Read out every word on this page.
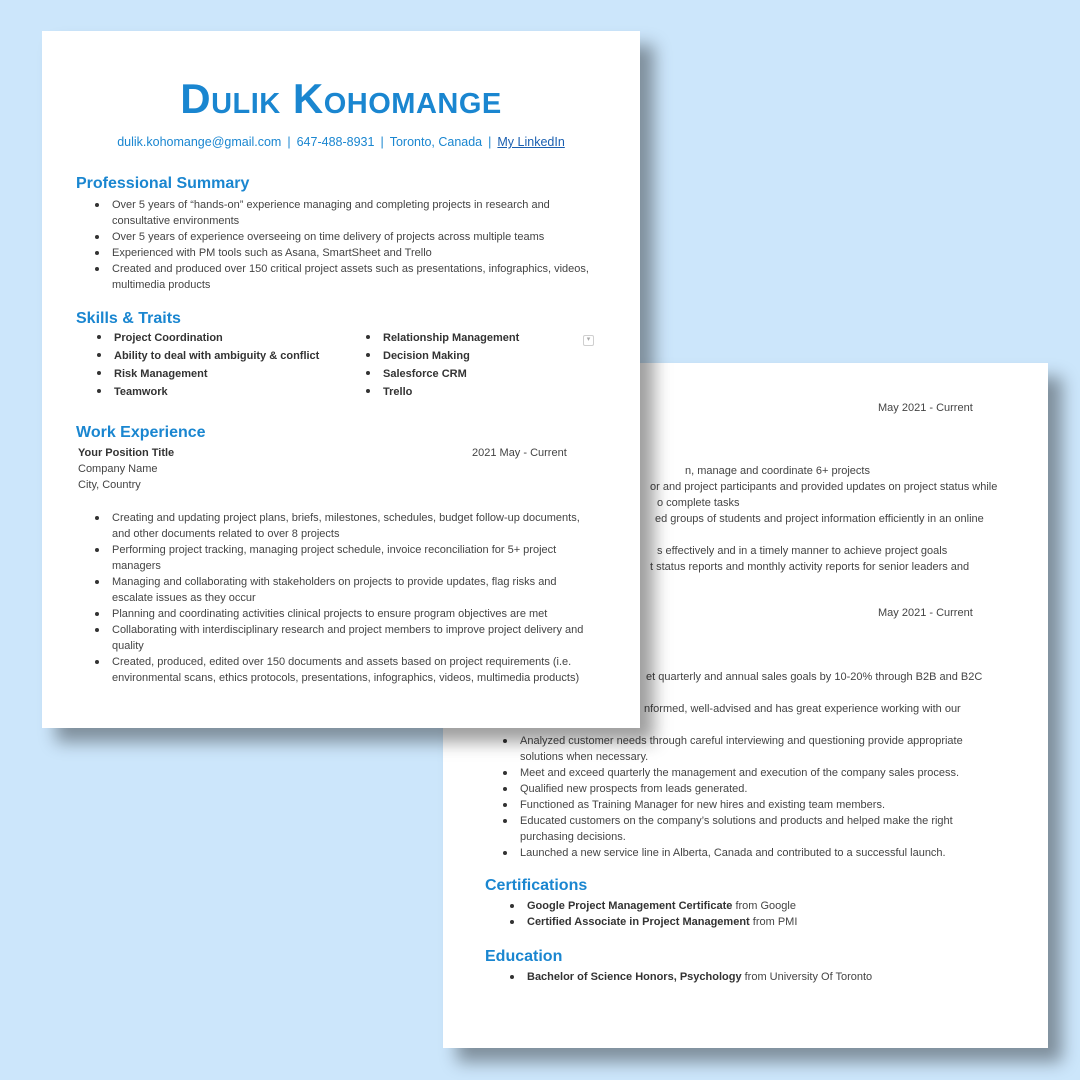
May 2021 - Current
n, manage and coordinate 6+ projects
or and project participants and provided updates on project status while
o complete tasks
ed groups of students and project information efficiently in an online
s effectively and in a timely manner to achieve project goals
t status reports and monthly activity reports for senior leaders and
May 2021 - Current
et quarterly and annual sales goals by 10-20% through B2B and B2C
nformed, well-advised and has great experience working with our
Analyzed customer needs through careful interviewing and questioning provide appropriate
solutions when necessary.
Meet and exceed quarterly the management and execution of the company sales process.
Qualified new prospects from leads generated.
Functioned as Training Manager for new hires and existing team members.
Educated customers on the company’s solutions and products and helped make the right
purchasing decisions.
Launched a new service line in Alberta, Canada and contributed to a successful launch.
Certifications
Google Project Management Certificate from Google
Certified Associate in Project Management from PMI
Education
Bachelor of Science Honors, Psychology from University Of Toronto
Dulik Kohomange
dulik.kohomange@gmail.com | 647-488-8931 | Toronto, Canada | My LinkedIn
Professional Summary
Over 5 years of “hands-on” experience managing and completing projects in research and
consultative environments
Over 5 years of experience overseeing on time delivery of projects across multiple teams
Experienced with PM tools such as Asana, SmartSheet and Trello
Created and produced over 150 critical project assets such as presentations, infographics, videos,
multimedia products
Skills & Traits
Project Coordination
Ability to deal with ambiguity & conflict
Risk Management
Teamwork
Relationship Management
Decision Making
Salesforce CRM
Trello
▾
Work Experience
Your Position Title	2021 May - Current
Company Name
City, Country
Creating and updating project plans, briefs, milestones, schedules, budget follow-up documents,
and other documents related to over 8 projects
Performing project tracking, managing project schedule, invoice reconciliation for 5+ project
managers
Managing and collaborating with stakeholders on projects to provide updates, flag risks and
escalate issues as they occur
Planning and coordinating activities clinical projects to ensure program objectives are met
Collaborating with interdisciplinary research and project members to improve project delivery and
quality
Created, produced, edited over 150 documents and assets based on project requirements (i.e.
environmental scans, ethics protocols, presentations, infographics, videos, multimedia products)
